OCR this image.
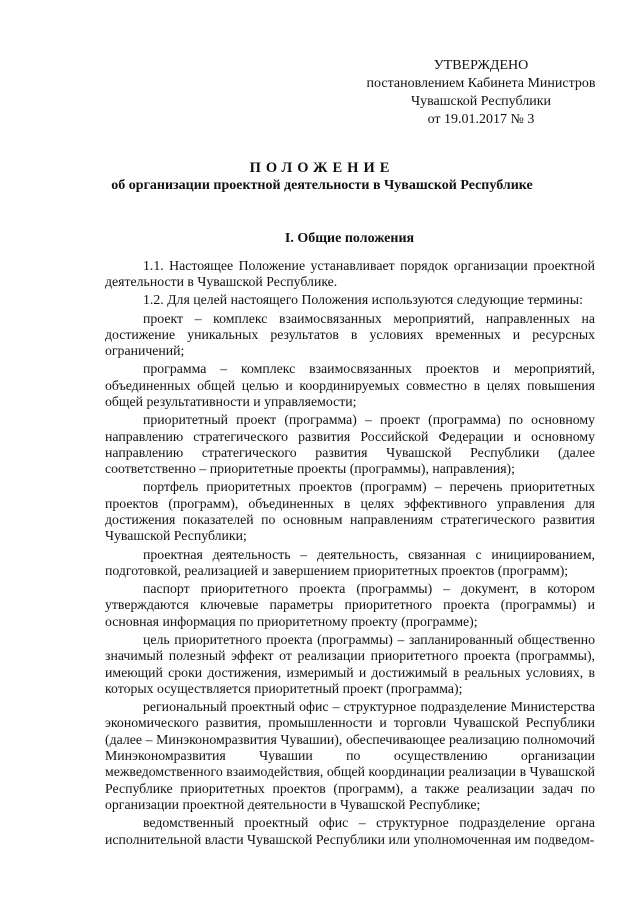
УТВЕРЖДЕНО
постановлением Кабинета Министров
Чувашской Республики
от 19.01.2017 № 3
ПОЛОЖЕНИЕ
об организации проектной деятельности в Чувашской Республике
I. Общие положения

1.1. Настоящее Положение устанавливает порядок организации проектной деятельности в Чувашской Республике.

1.2. Для целей настоящего Положения используются следующие термины:

проект – комплекс взаимосвязанных мероприятий, направленных на достижение уникальных результатов в условиях временных и ресурсных ограничений;

программа – комплекс взаимосвязанных проектов и мероприятий, объединенных общей целью и координируемых совместно в целях повышения общей результативности и управляемости;

приоритетный проект (программа) – проект (программа) по основному направлению стратегического развития Российской Федерации и основному направлению стратегического развития Чувашской Республики (далее соответственно – приоритетные проекты (программы), направления);

портфель приоритетных проектов (программ) – перечень приоритетных проектов (программ), объединенных в целях эффективного управления для достижения показателей по основным направлениям стратегического развития Чувашской Республики;

проектная деятельность – деятельность, связанная с инициированием, подготовкой, реализацией и завершением приоритетных проектов (программ);

паспорт приоритетного проекта (программы) – документ, в котором утверждаются ключевые параметры приоритетного проекта (программы) и основная информация по приоритетному проекту (программе);

цель приоритетного проекта (программы) – запланированный общественно значимый полезный эффект от реализации приоритетного проекта (программы), имеющий сроки достижения, измеримый и достижимый в реальных условиях, в которых осуществляется приоритетный проект (программа);

региональный проектный офис – структурное подразделение Министерства экономического развития, промышленности и торговли Чувашской Республики (далее – Минэкономразвития Чувашии), обеспечивающее реализацию полномочий Минэкономразвития Чувашии по осуществлению организации межведомственного взаимодействия, общей координации реализации в Чувашской Республике приоритетных проектов (программ), а также реализации задач по организации проектной деятельности в Чувашской Республике;

ведомственный проектный офис – структурное подразделение органа исполнительной власти Чувашской Республики или уполномоченная им подведом-
